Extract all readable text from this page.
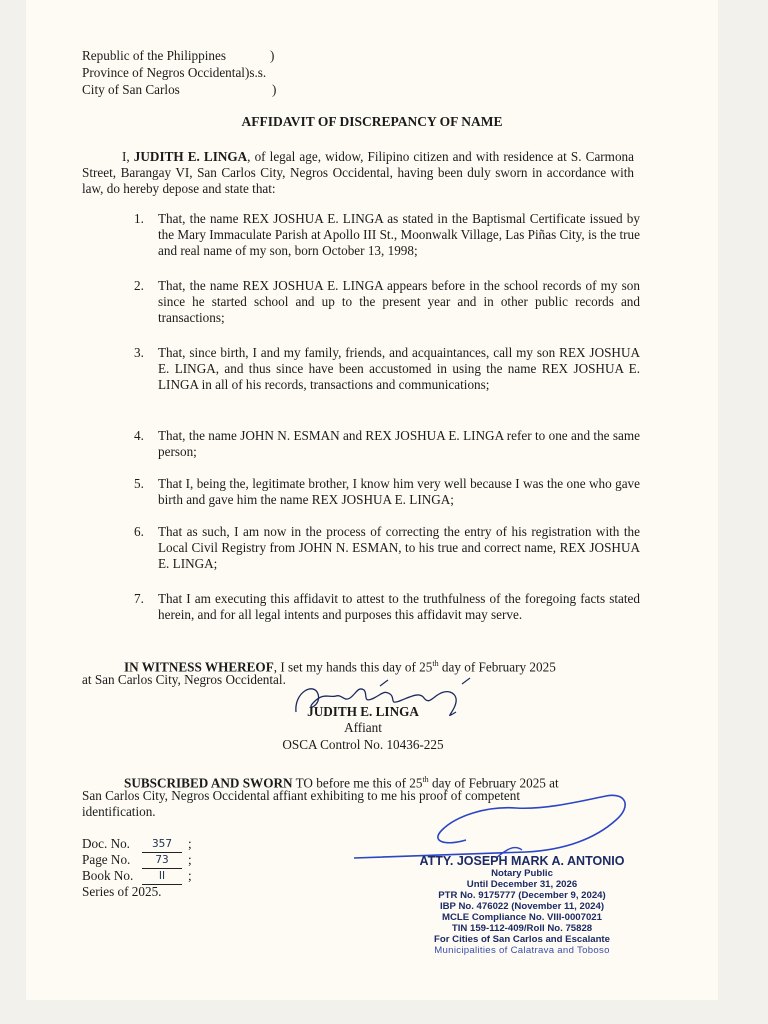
Republic of the Philippines	)
Province of Negros Occidental)s.s.
City of San Carlos	)
AFFIDAVIT OF DISCREPANCY OF NAME
I, JUDITH E. LINGA, of legal age, widow, Filipino citizen and with residence at S. Carmona Street, Barangay VI, San Carlos City, Negros Occidental, having been duly sworn in accordance with law, do hereby depose and state that:
1. That, the name REX JOSHUA E. LINGA as stated in the Baptismal Certificate issued by the Mary Immaculate Parish at Apollo III St., Moonwalk Village, Las Piñas City, is the true and real name of my son, born October 13, 1998;
2. That, the name REX JOSHUA E. LINGA appears before in the school records of my son since he started school and up to the present year and in other public records and transactions;
3. That, since birth, I and my family, friends, and acquaintances, call my son REX JOSHUA E. LINGA, and thus since have been accustomed in using the name REX JOSHUA E. LINGA in all of his records, transactions and communications;
4. That, the name JOHN N. ESMAN and REX JOSHUA E. LINGA refer to one and the same person;
5. That I, being the, legitimate brother, I know him very well because I was the one who gave birth and gave him the name REX JOSHUA E. LINGA;
6. That as such, I am now in the process of correcting the entry of his registration with the Local Civil Registry from JOHN N. ESMAN, to his true and correct name, REX JOSHUA E. LINGA;
7. That I am executing this affidavit to attest to the truthfulness of the foregoing facts stated herein, and for all legal intents and purposes this affidavit may serve.
IN WITNESS WHEREOF, I set my hands this day of 25th day of February 2025
at San Carlos City, Negros Occidental.
JUDITH E. LINGA
Affiant
OSCA Control No. 10436-225
SUBSCRIBED AND SWORN TO before me this of 25th day of February 2025 at
San Carlos City, Negros Occidental affiant exhibiting to me his proof of competent
identification.
Doc. No.	357	;
Page No.	73	;
Book No.	II	;
Series of 2025.
ATTY. JOSEPH MARK A. ANTONIO
Notary Public
Until December 31, 2026
PTR No. 9175777 (December 9, 2024)
IBP No. 476022 (November 11, 2024)
MCLE Compliance No. VIII-0007021
TIN 159-112-409/Roll No. 75828
For Cities of San Carlos and Escalante
Municipalities of Calatrava and Toboso
